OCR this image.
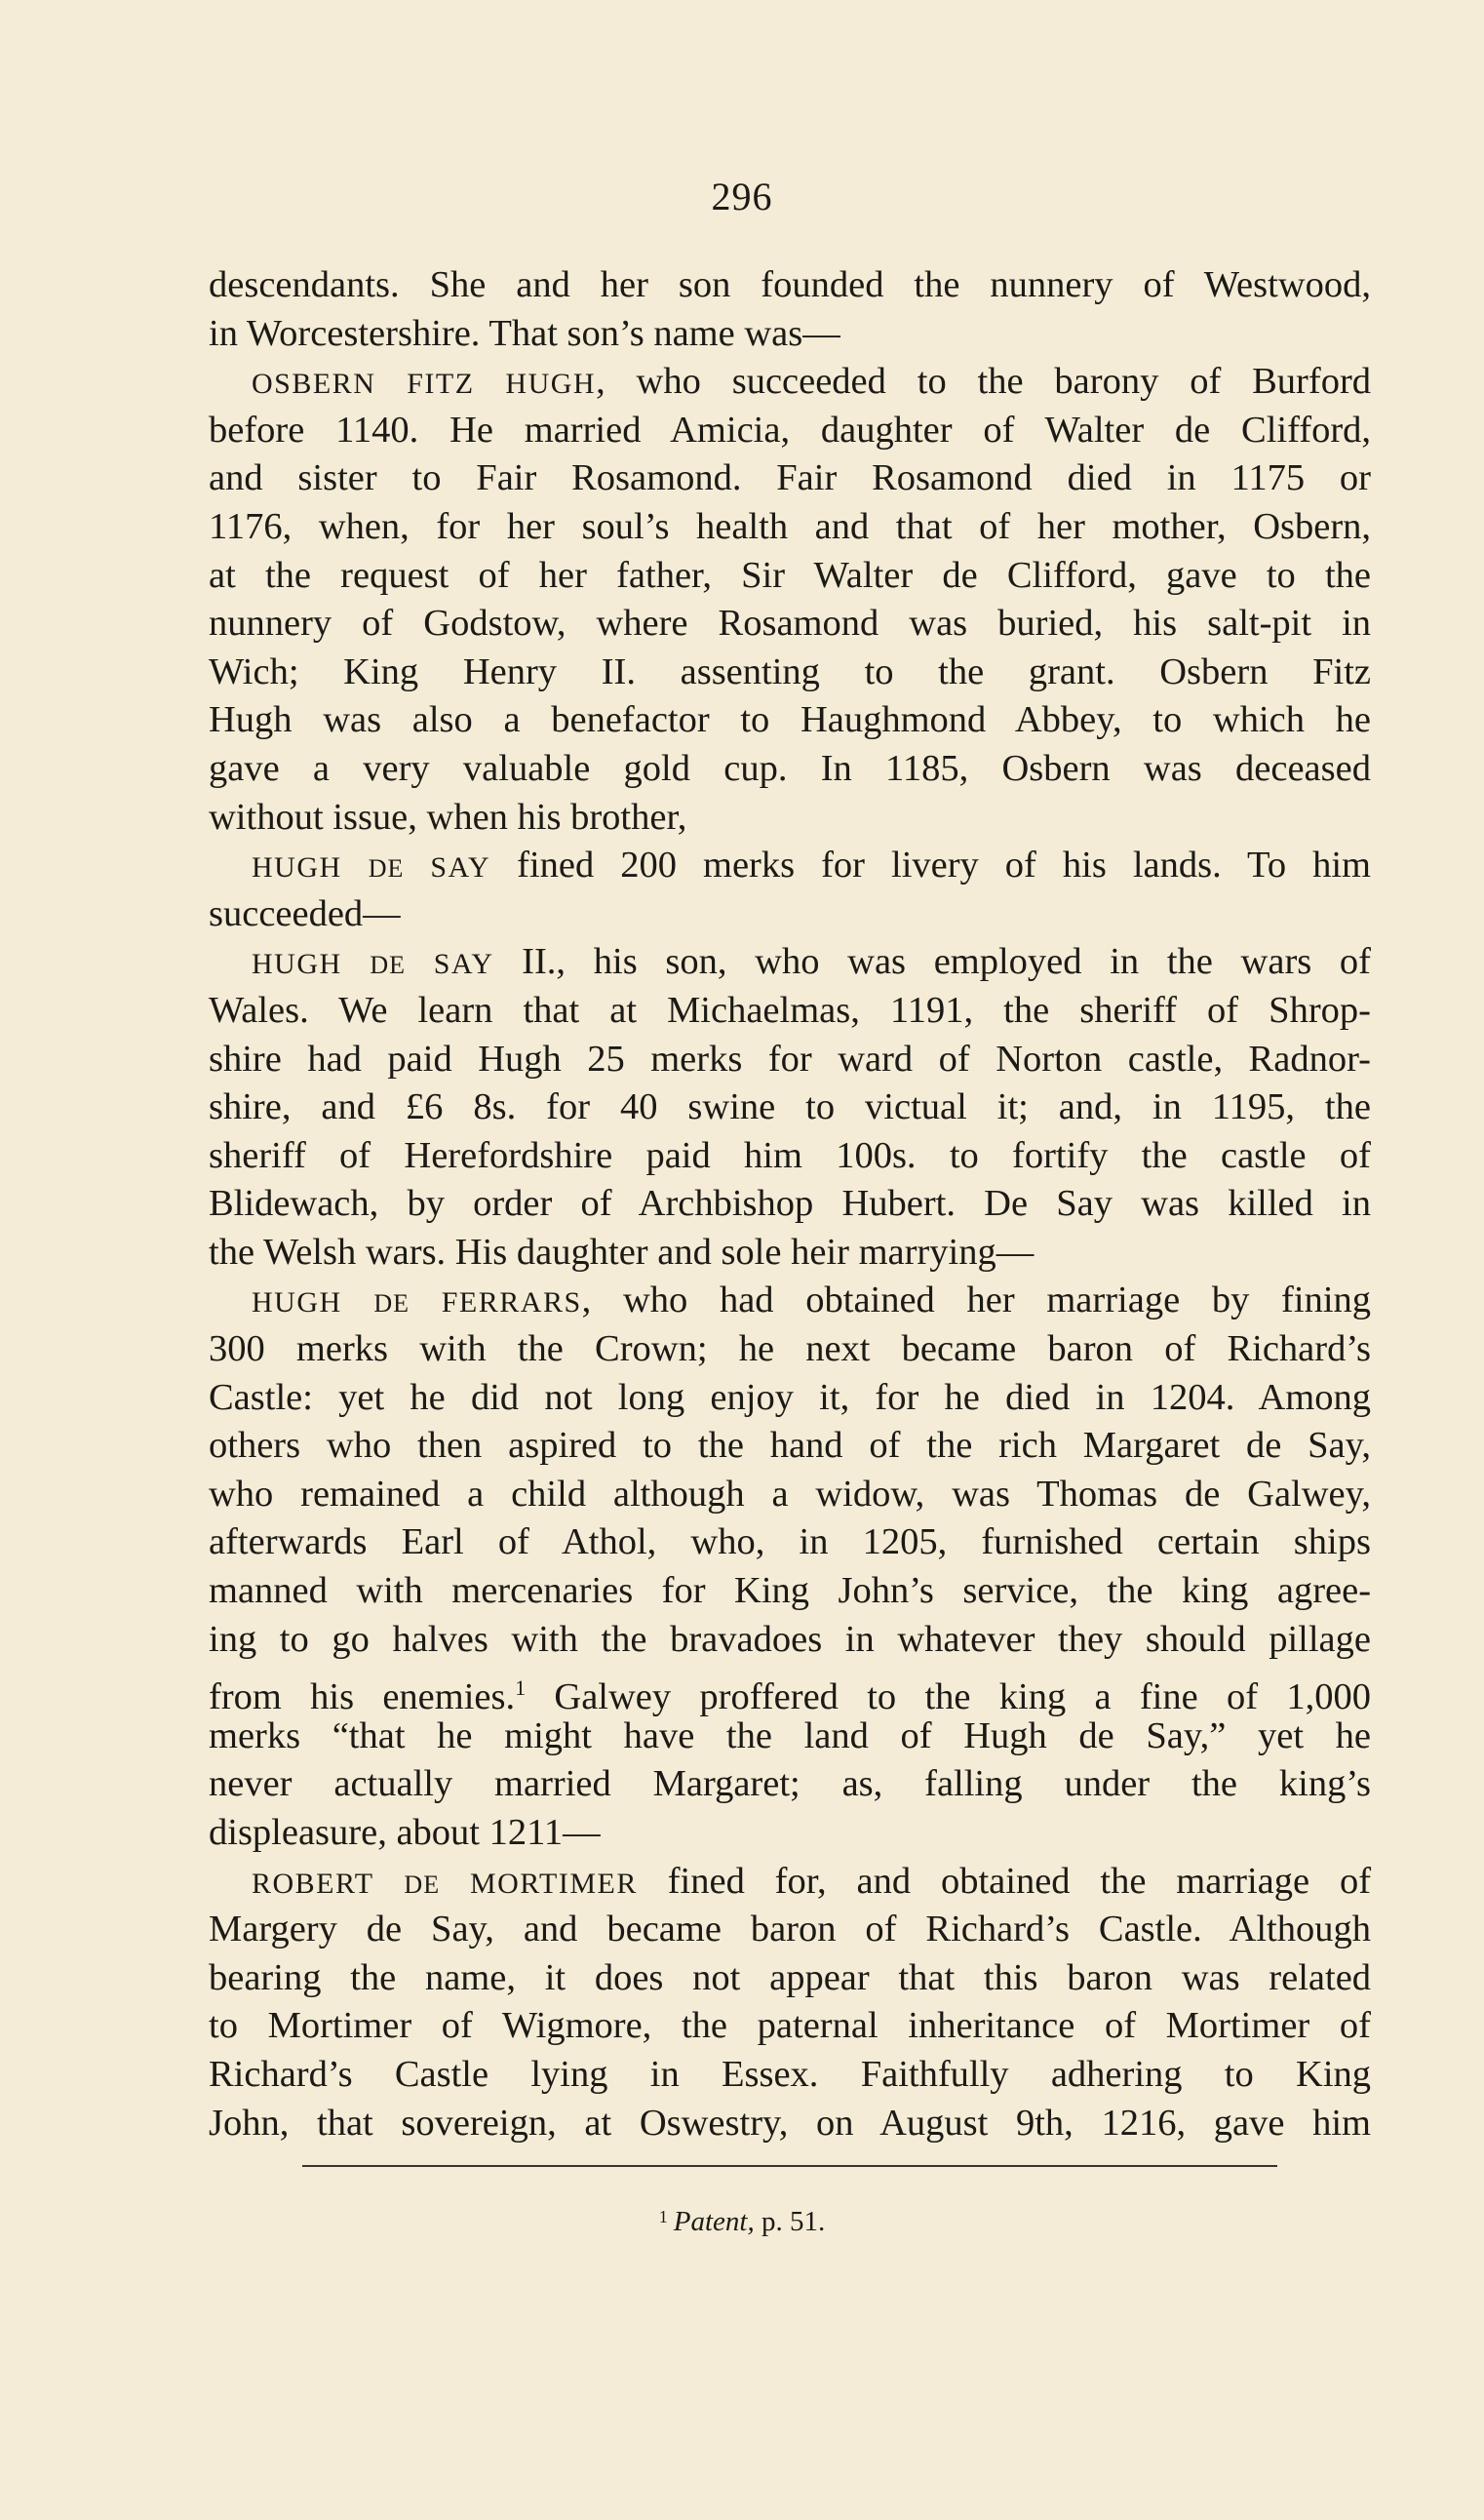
296
descendants. She and her son founded the nunnery of Westwood,
in Worcestershire. That son’s name was—
OSBERN FITZ HUGH, who succeeded to the barony of Burford
before 1140. He married Amicia, daughter of Walter de Clifford,
and sister to Fair Rosamond. Fair Rosamond died in 1175 or
1176, when, for her soul’s health and that of her mother, Osbern,
at the request of her father, Sir Walter de Clifford, gave to the
nunnery of Godstow, where Rosamond was buried, his salt-pit in
Wich; King Henry II. assenting to the grant. Osbern Fitz
Hugh was also a benefactor to Haughmond Abbey, to which he
gave a very valuable gold cup. In 1185, Osbern was deceased
without issue, when his brother,
HUGH DE SAY fined 200 merks for livery of his lands. To him
succeeded—
HUGH DE SAY II., his son, who was employed in the wars of
Wales. We learn that at Michaelmas, 1191, the sheriff of Shrop-
shire had paid Hugh 25 merks for ward of Norton castle, Radnor-
shire, and £6 8s. for 40 swine to victual it; and, in 1195, the
sheriff of Herefordshire paid him 100s. to fortify the castle of
Blidewach, by order of Archbishop Hubert. De Say was killed in
the Welsh wars. His daughter and sole heir marrying—
HUGH DE FERRARS, who had obtained her marriage by fining
300 merks with the Crown; he next became baron of Richard’s
Castle: yet he did not long enjoy it, for he died in 1204. Among
others who then aspired to the hand of the rich Margaret de Say,
who remained a child although a widow, was Thomas de Galwey,
afterwards Earl of Athol, who, in 1205, furnished certain ships
manned with mercenaries for King John’s service, the king agree-
ing to go halves with the bravadoes in whatever they should pillage
from his enemies.$^1$ Galwey proffered to the king a fine of 1,000
merks “that he might have the land of Hugh de Say,” yet he
never actually married Margaret; as, falling under the king’s
displeasure, about 1211—
ROBERT DE MORTIMER fined for, and obtained the marriage of
Margery de Say, and became baron of Richard’s Castle. Although
bearing the name, it does not appear that this baron was related
to Mortimer of Wigmore, the paternal inheritance of Mortimer of
Richard’s Castle lying in Essex. Faithfully adhering to King
John, that sovereign, at Oswestry, on August 9th, 1216, gave him
$^1$ Patent, p. 51.
